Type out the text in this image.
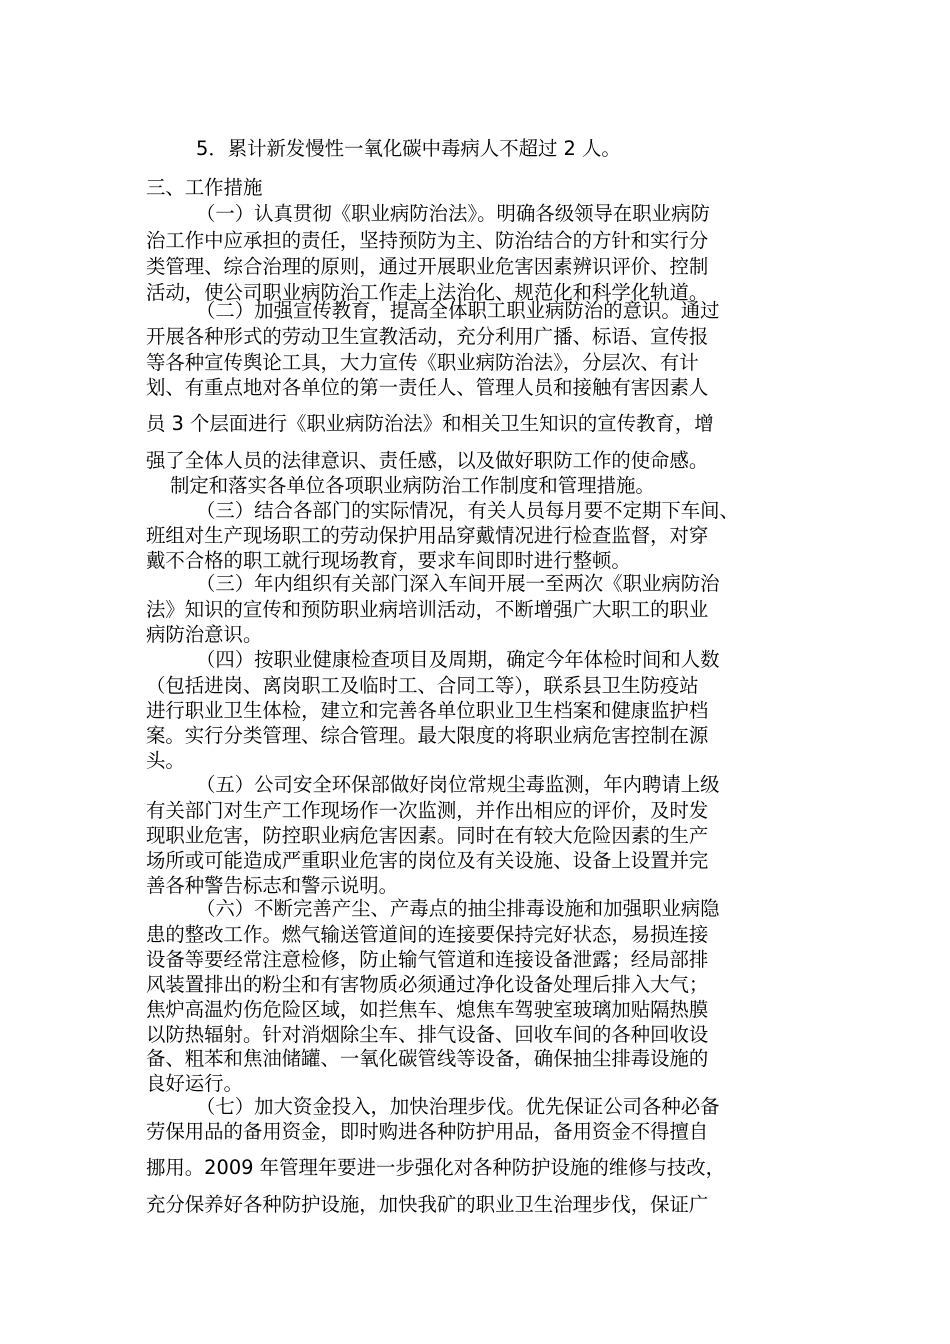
5．累计新发慢性一氧化碳中毒病人不超过 2 人。
三、工作措施
（一）认真贯彻《职业病防治法》。明确各级领导在职业病防
治工作中应承担的责任，坚持预防为主、防治结合的方针和实行分
类管理、综合治理的原则，通过开展职业危害因素辨识评价、控制
活动，使公司职业病防治工作走上法治化、规范化和科学化轨道。
（二）加强宣传教育，提高全体职工职业病防治的意识。通过
开展各种形式的劳动卫生宣教活动，充分利用广播、标语、宣传报
等各种宣传舆论工具，大力宣传《职业病防治法》，分层次、有计
划、有重点地对各单位的第一责任人、管理人员和接触有害因素人
员 3 个层面进行《职业病防治法》和相关卫生知识的宣传教育，增
强了全体人员的法律意识、责任感，以及做好职防工作的使命感。
制定和落实各单位各项职业病防治工作制度和管理措施。
（三）结合各部门的实际情况，有关人员每月要不定期下车间、
班组对生产现场职工的劳动保护用品穿戴情况进行检查监督，对穿
戴不合格的职工就行现场教育，要求车间即时进行整顿。
（三）年内组织有关部门深入车间开展一至两次《职业病防治
法》知识的宣传和预防职业病培训活动，不断增强广大职工的职业
病防治意识。
（四）按职业健康检查项目及周期，确定今年体检时间和人数
（包括进岗、离岗职工及临时工、合同工等），联系县卫生防疫站
进行职业卫生体检，建立和完善各单位职业卫生档案和健康监护档
案。实行分类管理、综合管理。最大限度的将职业病危害控制在源
头。
（五）公司安全环保部做好岗位常规尘毒监测，年内聘请上级
有关部门对生产工作现场作一次监测，并作出相应的评价，及时发
现职业危害，防控职业病危害因素。同时在有较大危险因素的生产
场所或可能造成严重职业危害的岗位及有关设施、设备上设置并完
善各种警告标志和警示说明。
（六）不断完善产尘、产毒点的抽尘排毒设施和加强职业病隐
患的整改工作。燃气输送管道间的连接要保持完好状态，易损连接
设备等要经常注意检修，防止输气管道和连接设备泄露；经局部排
风装置排出的粉尘和有害物质必须通过净化设备处理后排入大气；
焦炉高温灼伤危险区域，如拦焦车、熄焦车驾驶室玻璃加贴隔热膜
以防热辐射。针对消烟除尘车、排气设备、回收车间的各种回收设
备、粗苯和焦油储罐、一氧化碳管线等设备，确保抽尘排毒设施的
良好运行。
（七）加大资金投入，加快治理步伐。优先保证公司各种必备
劳保用品的备用资金，即时购进各种防护用品，备用资金不得擅自
挪用。2009 年管理年要进一步强化对各种防护设施的维修与技改，
充分保养好各种防护设施，加快我矿的职业卫生治理步伐，保证广
